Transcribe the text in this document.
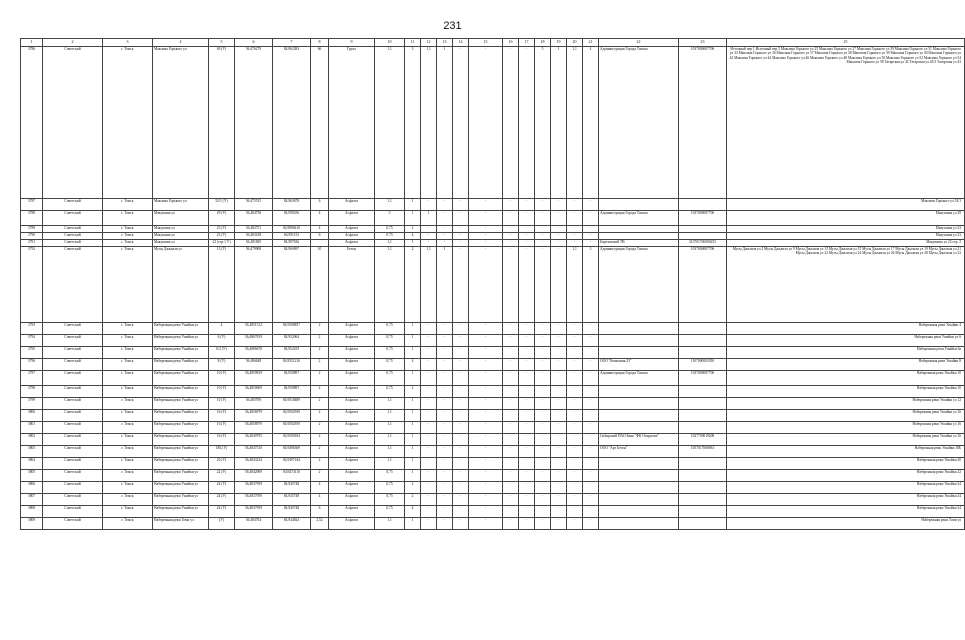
231
1	2	3	4	5	6	7	8	9	10	11	12	13	14	15	16	17	18	19	20	21	22	23	25
3786	Советский	г. Томск	Максима Горького ул	69 (У)	56,476279	84,962383	66	Грунт	1,1	3	1,1	1	-	-	-	-	5	1	1,1	4	Администрация Города Томска	1037000087706	Источный пер 1 Источный пер 5 Максима Горького ул 25 Максима Горького ул 27 Максима Горького ул 29 Максима Горького ул 31 Максима Горького ул 33 Максима Горького ул 36 Максима Горького ул 37 Максима Горького ул 38 Максима Горького ул 39 Максима Горького ул 40 Максима Горького ул 42 Максима Горького ул 44 Максима Горького ул 46 Максима Горького ул 48 Максима Горького ул 50 Максима Горького ул 52 Максима Горького ул 54 Максима Горького ул 58 Татарская ул 43 Татарская ул 43/3 Татарская ул 43
3787	Советский	г. Томск	Максима Горького ул	52/1 (У)	56,475515	84,963678	6	Асфальт	1,1	1	-	-	-	-	-	-	-	-	-	-			Максима Горького ул 52/1
3788	Советский	г. Томск	Макушина ул	29 (У)	56,484758	84,990256	4	Асфальт	5	1	1	-	-	-	-	-	-	-	-	-	Администрация Города Томска	1037000087706	Макушина ул 29
3789	Советский	г. Томск	Макушина ул	23 (У)	56,482751	84,9896410	4	Асфальт	0,75	2	-	-	-	-	-	-	-	-	-	-			Макушина ул 23
3790	Советский	г. Томск	Макушина ул	23 (У)	56,483418	84,991153	6	Асфальт	0,75	4	-	-	-	-	-	-	-	-	-	-			Макушина ул 23
3791	Советский	г. Томск	Макушина ул	23 (стр.1 У)	56,481695	84,987636		Асфальт	1,1	1	-	-	-	-	-	-	-	-	-	-	Березовский ТВ	313701706900253	Макушина ул 23 стр. 2
3792	Советский	г. Томск	Мусы Джалиля ул	13 (У)	56,479908	84,960697	10	Бетон	1,1	2	1,1	1	-	-	-	-	-	-	1,1	3	Администрация Города Томска	1037000087706	Мусы Джалиля ул 2 Мусы Джалиля ул 9 Мусы Джалиля ул 13 Мусы Джалиля ул 15 Мусы Джалиля ул 17 Мусы Джалиля ул 19 Мусы Джалиля ул 21 Мусы Джалиля ул 22 Мусы Джалиля ул 24 Мусы Джалиля ул 26 Мусы Джалиля ул 28 Мусы Джалиля ул 32
3793	Советский	г. Томск	Набережная реки Ушайки ул	4	56,4851512	84,9508837	2	Асфальт	0,75	1	-	-	-	-	-	-	-	-	-	-			Набережная реки Ушайки 4
3794	Советский	г. Томск	Набережная реки Ушайки ул	6 (У)	56,4867819	84,952064	2	Асфальт	0,75	1	-	-	-	-	-	-	-	-	-	-			Набережная реки Ушайки ул 6
3795	Советский	г. Томск	Набережная реки Ушайки ул	6/2 (У)	56,4886670	84,952255	2	Асфальт	0,75	1	-	-	-	-	-	-	-	-	-	-			Набережная реки Ушайки 6а
3796	Советский	г. Томск	Набережная реки Ушайки ул	8 (У)	56,486648	84,9521216	2	Асфальт	0,75	4	-	-	-	-	-	-	-	-	-	-	ООО "Компания 23"	1107000003350	Набережная реки Ушайки 8
3797	Советский	г. Томск	Набережная реки Ушайки ул	10 (У)	56,4859819	84,950897	2	Асфальт	0,75	1	-	-	-	-	-	-	-	-	-	-	Администрация Города Томска	1037000087706	Набережная реки Ушайки 10
3798	Советский	г. Томск	Набережная реки Ушайки ул	10 (У)	56,4850609	84,950897	2	Асфальт	0,75	2	-	-	-	-	-	-	-	-	-	-			Набережная реки Ушайки 10
3799	Советский	г. Томск	Набережная реки Ушайки ул	10 (У)	56,485769	84,9518489	2	Асфальт	1,1	1	-	-	-	-	-	-	-	-	-	-			Набережная реки Ушайки ул 12
3800	Советский	г. Томск	Набережная реки Ушайки ул	16 (У)	56,4856979	84,9502939	2	Асфальт	1,1	1	-	-	-	-	-	-	-	-	-	-			Набережная реки Ушайки ул 16
3801	Советский	г. Томск	Набережная реки Ушайки ул	16 (У)	56,4858979	84,9502939	2	Асфальт	1,1	1	-	-	-	-	-	-	-	-	-	-			Набережная реки Ушайки ул 16
3802	Советский	г. Томск	Набережная реки Ушайки ул	16 (У)	56,4849795	84,9500184	2	Асфальт	1,1	1	-	-	-	-	-	-	-	-	-	-	Сибирский ПАО Банк "ФК Открытие"	1027739019208	Набережная реки Ушайки ул 16
3803	Советский	г. Томск	Набережная реки Ушайки ул	18Б (У)	56,4847510	84,9496369	2	Асфальт	1,1	1	-	-	-	-	-	-	-	-	-	-	ООО "Арт Бетон"	1057017006861	Набережная реки Ушайки 18Б
3804	Советский	г. Томск	Набережная реки Ушайки ул	20 (У)	56,4843234	84,9497244	2	Асфальт	1,1	1	-	-	-	-	-	-	-	-	-	-			Набережная реки Ушайки 20
3805	Советский	г. Томск	Набережная реки Ушайки ул	22 (У)	56,4842909	84,9474110	2	Асфальт	0,75	1	-	-	-	-	-	-	-	-	-	-			Набережная реки Ушайки 22
3806	Советский	г. Томск	Набережная реки Ушайки ул	24 (У)	56,4837959	84,945748	4	Асфальт	0,75	2	-	-	-	-	-	-	-	-	-	-			Набережная реки Ушайки 24
3807	Советский	г. Томск	Набережная реки Ушайки ул	24 (У)	56,4837959	84,945748	4	Асфальт	0,75	2	-	-	-	-	-	-	-	-	-	-			Набережная реки Ушайки 24
3808	Советский	г. Томск	Набережная реки Ушайки ул	24 (У)	56,4837959	84,945748	6	Асфальт	0,75	4	-	-	-	-	-	-	-	-	-	-			Набережная реки Ушайки 24
3809	Советский	г. Томск	Набережная реки Томи ул	(У)	56,484764	84,944824	2,52	Асфальт	1,1	1	-	-	-	-	-	-	-	-	-	-			Набережная реки Томи ул
